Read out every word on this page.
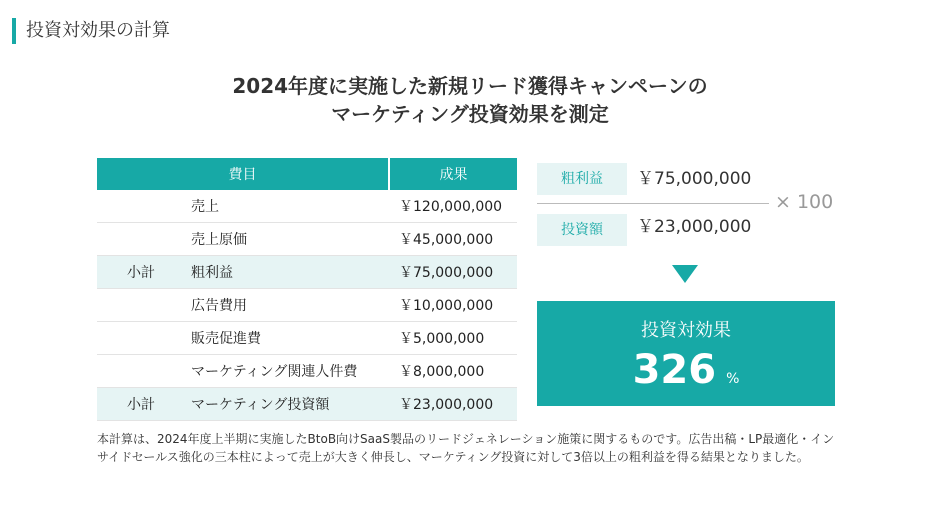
投資対効果の計算
2024年度に実施した新規リード獲得キャンペーンの
マーケティング投資効果を測定
費目		成果
	売上	￥120,000,000
	売上原価	￥45,000,000
小計	粗利益	￥75,000,000
	広告費用	￥10,000,000
	販売促進費	￥5,000,000
	マーケティング関連人件費	￥8,000,000
小計	マーケティング投資額	￥23,000,000
粗利益	￥75,000,000
× 100
投資額	￥23,000,000
投資対効果
326 %
本計算は、2024年度上半期に実施したBtoB向けSaaS製品のリードジェネレーション施策に関するものです。広告出稿・LP最適化・インサイドセールス強化の三本柱によって売上が大きく伸長し、マーケティング投資に対して3倍以上の粗利益を得る結果となりました。
